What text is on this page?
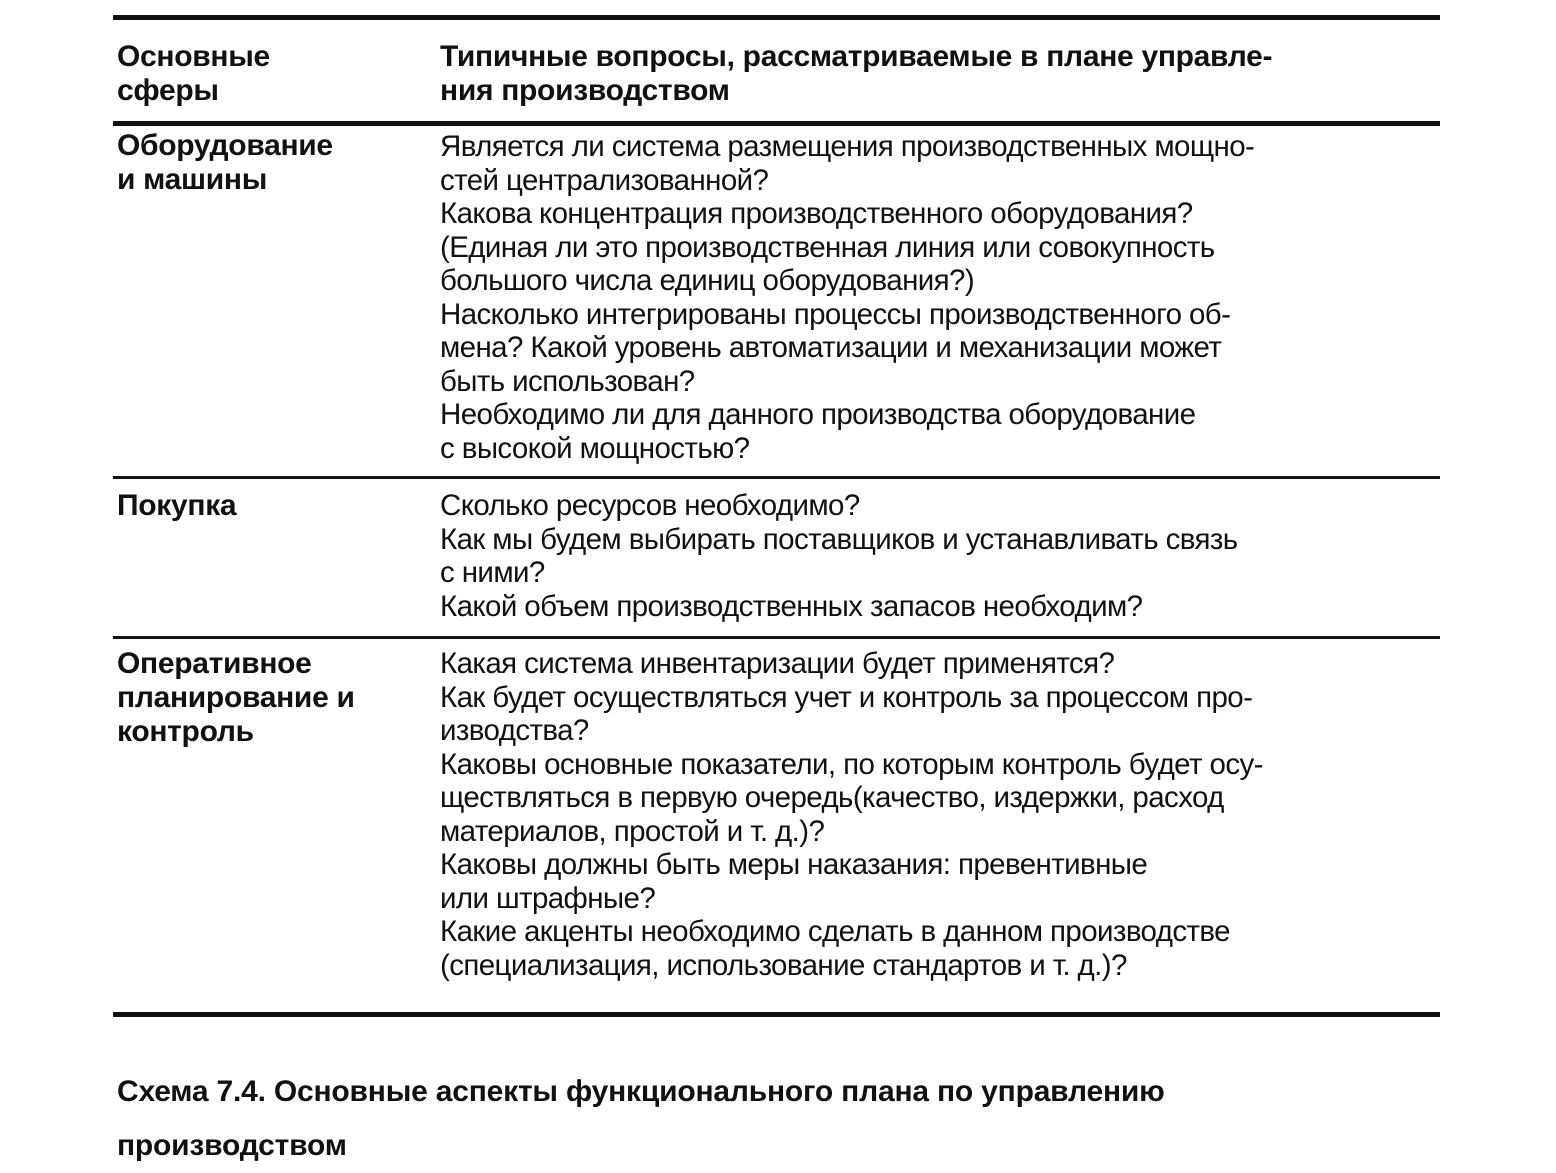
Основные
сферы
Типичные вопросы, рассматриваемые в плане управле-
ния производством
Оборудование
и машины
Является ли система размещения производственных мощно-
стей централизованной?
Какова концентрация производственного оборудования?
(Единая ли это производственная линия или совокупность
большого числа единиц оборудования?)
Насколько интегрированы процессы производственного об-
мена? Какой уровень автоматизации и механизации может
быть использован?
Необходимо ли для данного производства оборудование
с высокой мощностью?
Покупка	Сколько ресурсов необходимо?
Как мы будем выбирать поставщиков и устанавливать связь
с ними?
Какой объем производственных запасов необходим?
Оперативное
планирование и
контроль
Какая система инвентаризации будет применятся?
Как будет осуществляться учет и контроль за процессом про-
изводства?
Каковы основные показатели, по которым контроль будет осу-
ществляться в первую очередь(качество, издержки, расход
материалов, простой и т. д.)?
Каковы должны быть меры наказания: превентивные
или штрафные?
Какие акценты необходимо сделать в данном производстве
(специализация, использование стандартов и т. д.)?
Схема 7.4. Основные аспекты функционального плана по управлению
производством
